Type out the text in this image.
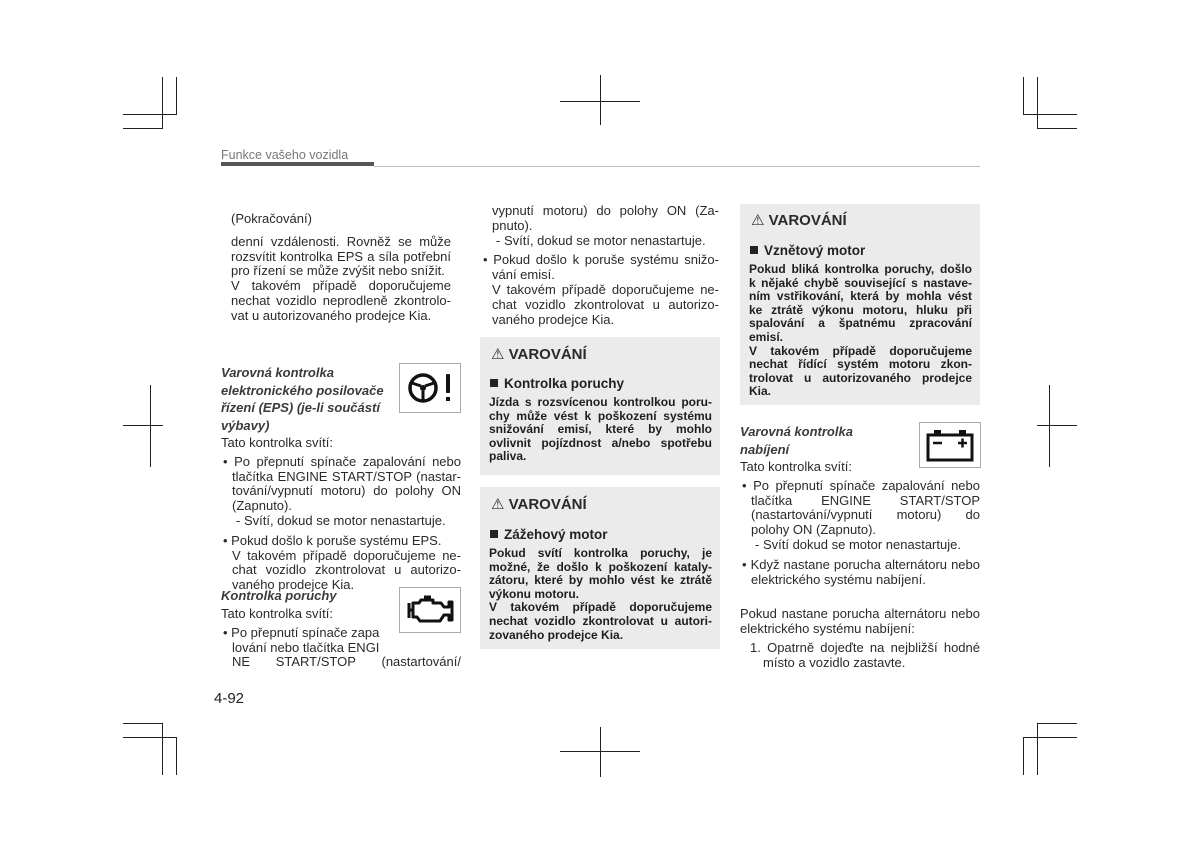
Funkce vašeho vozidla

(Pokračování)

denní vzdálenosti. Rovněž se může rozsvítit kontrolka EPS a síla potřební pro řízení se může zvýšit nebo snížit.

V takovém případě doporučujeme nechat vozidlo neprodleně zkontrolovat u autorizovaného prodejce Kia.

Varovná kontrolka elektronického posilovače řízení (EPS) (je-li součástí výbavy)

Tato kontrolka svítí:

• Po přepnutí spínače zapalování nebo tlačítka ENGINE START/STOP (nastartování/vypnutí motoru) do polohy ON (Zapnuto).

- Svítí, dokud se motor nenastartuje.

• Pokud došlo k poruše systému EPS.

V takovém případě doporučujeme nechat vozidlo zkontrolovat u autorizovaného prodejce Kia.

Kontrolka poruchy

Tato kontrolka svítí:

• Po přepnutí spínače zapa

lování nebo tlačítka ENGI

NE START/STOP (nastartování/

vypnutí motoru) do polohy ON (Zapnuto).

- Svítí, dokud se motor nenastartuje.

• Pokud došlo k poruše systému snižování emisí.

V takovém případě doporučujeme nechat vozidlo zkontrolovat u autorizovaného prodejce Kia.

⚠ VAROVÁNÍ
Kontrolka poruchy
Jízda s rozsvícenou kontrolkou poruchy může vést k poškození systému snižování emisí, které by mohlo ovlivnit pojízdnost a/nebo spotřebu paliva.
⚠ VAROVÁNÍ
Zážehový motor
Pokud svítí kontrolka poruchy, je možné, že došlo k poškození katalyzátoru, které by mohlo vést ke ztrátě výkonu motoru.
V takovém případě doporučujeme nechat vozidlo zkontrolovat u autorizovaného prodejce Kia.
⚠ VAROVÁNÍ
Vznětový motor
Pokud bliká kontrolka poruchy, došlo k nějaké chybě související s nastavením vstřikování, která by mohla vést ke ztrátě výkonu motoru, hluku při spalování a špatnému zpracování emisí.
V takovém případě doporučujeme nechat řídící systém motoru zkontrolovat u autorizovaného prodejce Kia.
Varovná kontrolka nabíjení

Tato kontrolka svítí:

• Po přepnutí spínače zapalování nebo tlačítka ENGINE START/STOP (nastartování/vypnutí motoru) do polohy ON (Zapnuto).

- Svítí dokud se motor nenastartuje.

• Když nastane porucha alternátoru nebo elektrického systému nabíjení.

Pokud nastane porucha alternátoru nebo elektrického systému nabíjení:

1. Opatrně dojeďte na nejbližší hodné místo a vozidlo zastavte.

4-92
